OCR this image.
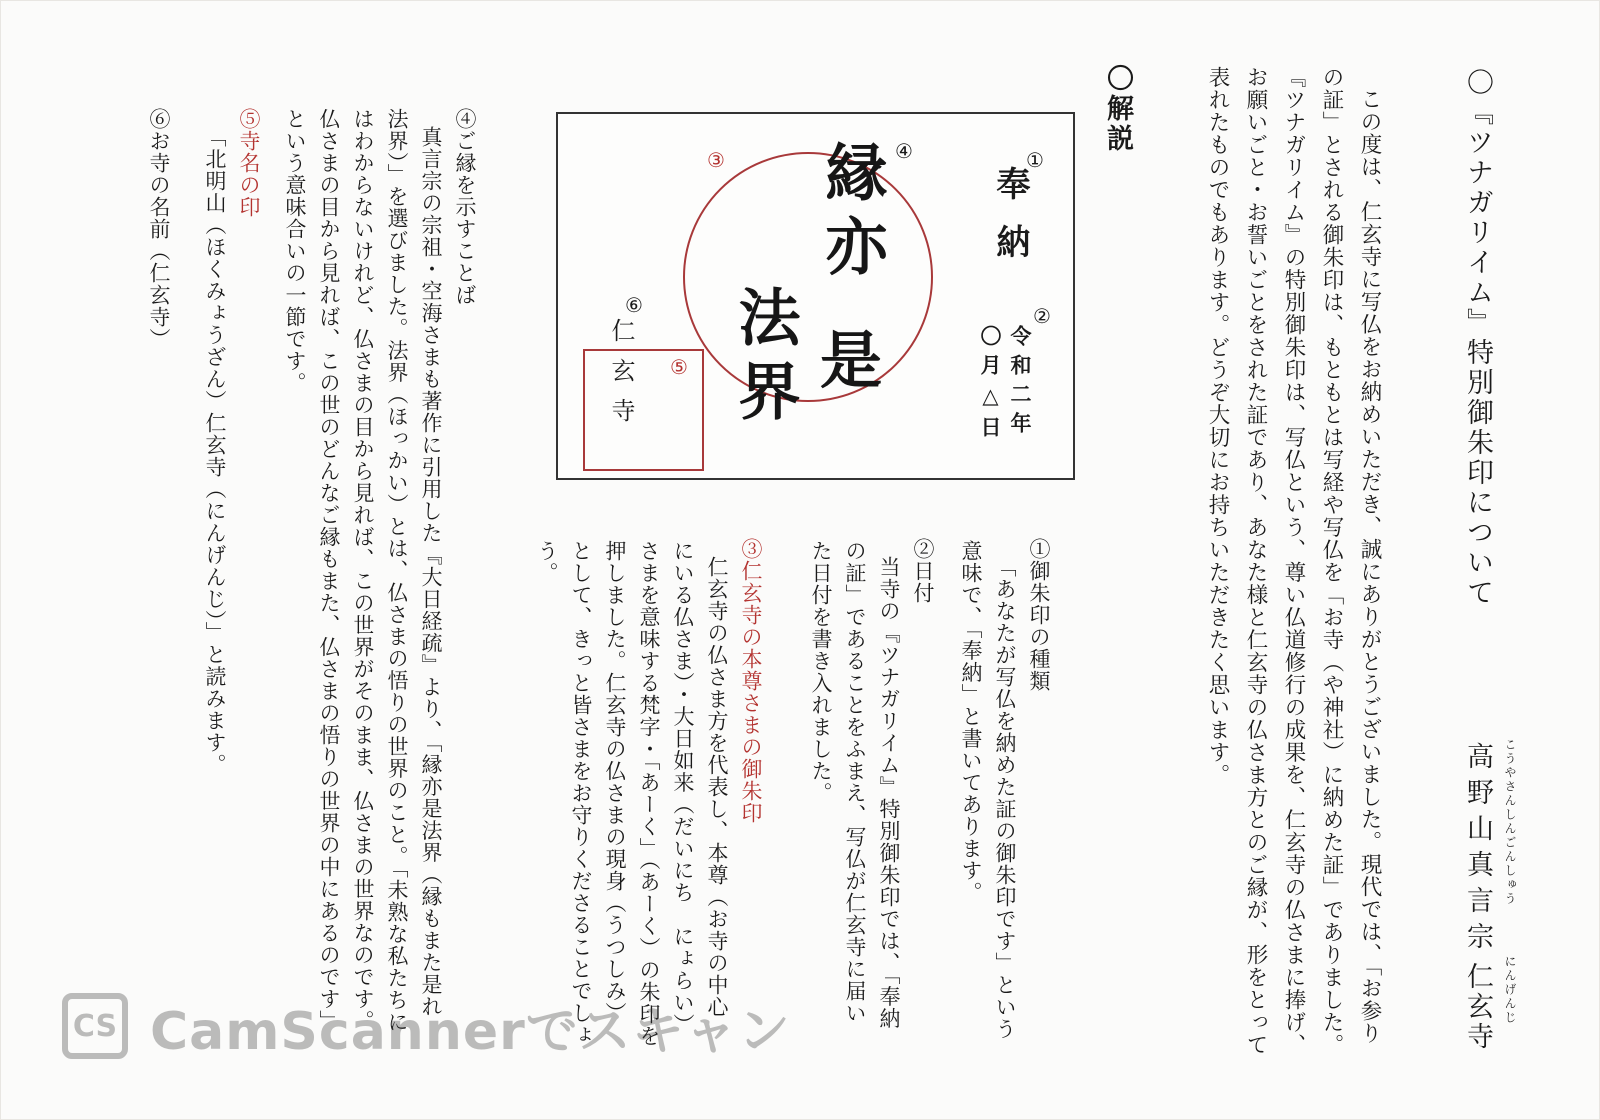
〇『ツナガリイム』特別御朱印について
こうやさんしんごんしゅう
高野山真言宗
にんげんじ
仁玄寺
この度は、仁玄寺に写仏をお納めいただき、誠にありがとうございました。現代では、「お参り
の証」とされる御朱印は、もともとは写経や写仏を「お寺（や神社）に納めた証」でありました。
『ツナガリイム』の特別御朱印は、写仏という、尊い仏道修行の成果を、仁玄寺の仏さまに捧げ、
お願いごと・お誓いごとをされた証であり、あなた様と仁玄寺の仏さま方とのご縁が、形をとって
表れたものでもあります。どうぞ大切にお持ちいただきたく思います。
〇解説
奉納
①
令和二年
〇月△日
②
③	④
縁亦
是
法界
仁玄寺
⑥
⑤
①御朱印の種類
「あなたが写仏を納めた証の御朱印です」という
意味で、「奉納」と書いてあります。
②日付
当寺の『ツナガリイム』特別御朱印では、「奉納
の証」であることをふまえ、写仏が仁玄寺に届い
た日付を書き入れました。
③仁玄寺の本尊さまの御朱印
仁玄寺の仏さま方を代表し、本尊（お寺の中心
にいる仏さま）・大日如来（だいにち　にょらい）
さまを意味する梵字・「あーく」（あーく）の朱印を
押しました。仁玄寺の仏さまの現身（うつしみ）
として、きっと皆さまをお守りくださることでしょ
う。
④ご縁を示すことば
真言宗の宗祖・空海さまも著作に引用した『大日経疏』より、「縁亦是法界（縁もまた是れ
法界）」を選びました。法界（ほっかい）とは、仏さまの悟りの世界のこと。「未熟な私たちに
はわからないけれど、仏さまの目から見れば、この世界がそのまま、仏さまの世界なのです。
仏さまの目から見れば、この世のどんなご縁もまた、仏さまの悟りの世界の中にあるのです」
という意味合いの一節です。
⑤寺名の印
「北明山（ほくみょうざん）仁玄寺（にんげんじ）」と読みます。
⑥お寺の名前（仁玄寺）
CS CamScannerでスキャン
